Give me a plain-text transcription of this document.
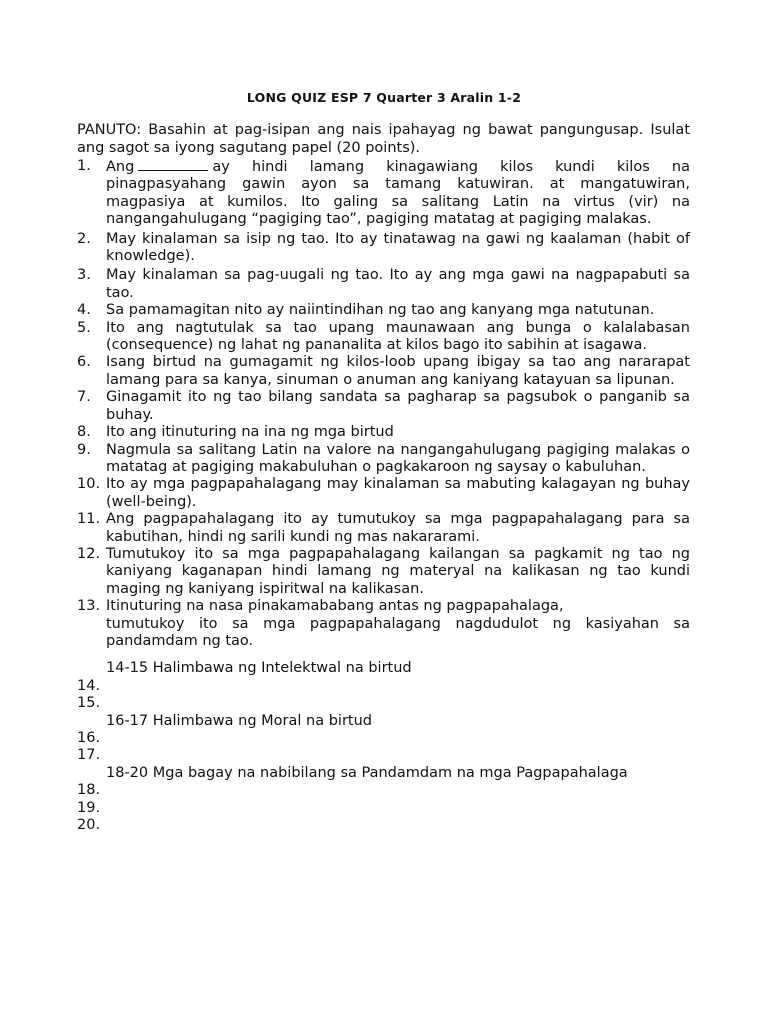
LONG QUIZ ESP 7 Quarter 3 Aralin 1-2
PANUTO: Basahin at pag-isipan ang nais ipahayag ng bawat pangungusap. Isulat ang sagot sa iyong sagutang papel (20 points).
1. Ang	ay hindi lamang kinagawiang kilos kundi kilos na pinagpasyahang gawin ayon sa tamang katuwiran. at mangatuwiran, magpasiya at kumilos. Ito galing sa salitang Latin na virtus (vir) na nangangahulugang “pagiging tao”, pagiging matatag at pagiging malakas.
2. May kinalaman sa isip ng tao. Ito ay tinatawag na gawi ng kaalaman (habit of knowledge).
3. May kinalaman sa pag-uugali ng tao. Ito ay ang mga gawi na nagpapabuti sa tao.
4. Sa pamamagitan nito ay naiintindihan ng tao ang kanyang mga natutunan.
5. Ito ang nagtutulak sa tao upang maunawaan ang bunga o kalalabasan (consequence) ng lahat ng pananalita at kilos bago ito sabihin at isagawa.
6. Isang birtud na gumagamit ng kilos-loob upang ibigay sa tao ang nararapat lamang para sa kanya, sinuman o anuman ang kaniyang katayuan sa lipunan.
7. Ginagamit ito ng tao bilang sandata sa pagharap sa pagsubok o panganib sa buhay.
8. Ito ang itinuturing na ina ng mga birtud
9. Nagmula sa salitang Latin na valore na nangangahulugang pagiging malakas o matatag at pagiging makabuluhan o pagkakaroon ng saysay o kabuluhan.
10. Ito ay mga pagpapahalagang may kinalaman sa mabuting kalagayan ng buhay (well-being).
11. Ang pagpapahalagang ito ay tumutukoy sa mga pagpapahalagang para sa kabutihan, hindi ng sarili kundi ng mas nakararami.
12. Tumutukoy ito sa mga pagpapahalagang kailangan sa pagkamit ng tao ng kaniyang kaganapan hindi lamang ng materyal na kalikasan ng tao kundi maging ng kaniyang ispiritwal na kalikasan.
13. Itinuturing na nasa pinakamababang antas ng pagpapahalaga,
tumutukoy ito sa mga pagpapahalagang nagdudulot ng kasiyahan sa pandamdam ng tao.
14-15 Halimbawa ng Intelektwal na birtud
14.
15.
16-17 Halimbawa ng Moral na birtud
16.
17.
18-20 Mga bagay na nabibilang sa Pandamdam na mga Pagpapahalaga
18.
19.
20.
